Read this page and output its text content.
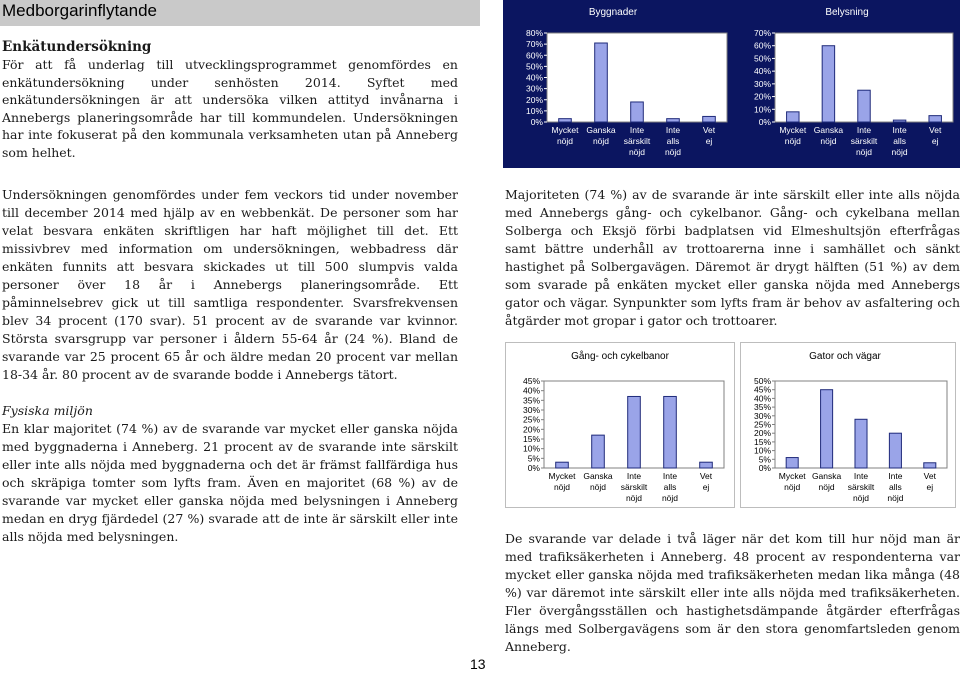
Medborgarinflytande

Enkätundersökning

För att få underlag till utvecklingsprogrammet genomfördes en enkätundersökning under senhösten 2014. Syftet med enkätundersökningen är att undersöka vilken attityd invånarna i Annebergs planeringsområde har till kommundelen. Undersökningen har inte fokuserat på den kommunala verksamheten utan på Anneberg som helhet.

Undersökningen genomfördes under fem veckors tid under november till december 2014 med hjälp av en webbenkät. De personer som har velat besvara enkäten skriftligen har haft möjlighet till det. Ett missivbrev med information om undersökningen, webbadress där enkäten funnits att besvara skickades ut till 500 slumpvis valda personer över 18 år i Annebergs planeringsområde. Ett påminnelsebrev gick ut till samtliga respondenter. Svarsfrekvensen blev 34 procent (170 svar). 51 procent av de svarande var kvinnor. Största svarsgrupp var personer i åldern 55-64 år (24 %). Bland de svarande var 25 procent 65 år och äldre medan 20 procent var mellan 18-34 år. 80 procent av de svarande bodde i Annebergs tätort.

Fysiska miljön

En klar majoritet (74 %) av de svarande var mycket eller ganska nöjda med byggnaderna i Anneberg. 21 procent av de svarande inte särskilt eller inte alls nöjda med byggnaderna och det är främst fallfärdiga hus och skräpiga tomter som lyfts fram. Även en majoritet (68 %) av de svarande var mycket eller ganska nöjda med belysningen i Anneberg medan en dryg fjärdedel (27 %) svarade att de inte är särskilt eller inte alls nöjda med belysningen.

Byggnader
0%
10%
20%
30%
40%
50%
60%
70%
80%
Mycket nöjd
Ganska nöjd
Inte särskilt nöjd
Inte alls nöjd
Vet ej
Belysning
0%
10%
20%
30%
40%
50%
60%
70%
Mycket nöjd
Ganska nöjd
Inte särskilt nöjd
Inte alls nöjd
Vet ej

Majoriteten (74 %) av de svarande är inte särskilt eller inte alls nöjda med Annebergs gång- och cykelbanor. Gång- och cykelbana mellan Solberga och Eksjö förbi badplatsen vid Elmeshultsjön efterfrågas samt bättre underhåll av trottoarerna inne i samhället och sänkt hastighet på Solbergavägen. Däremot är drygt hälften (51 %) av dem som svarade på enkäten mycket eller ganska nöjda med Annebergs gator och vägar. Synpunkter som lyfts fram är behov av asfaltering och åtgärder mot gropar i gator och trottoarer.

Gång- och cykelbanor
0%
5%
10%
15%
20%
25%
30%
35%
40%
45%
Mycket nöjd
Ganska nöjd
Inte särskilt nöjd
Inte alls nöjd
Vet ej
Gator och vägar
0%
5%
10%
15%
20%
25%
30%
35%
40%
45%
50%
Mycket nöjd
Ganska nöjd
Inte särskilt nöjd
Inte alls nöjd
Vet ej

De svarande var delade i två läger när det kom till hur nöjd man är med trafiksäkerheten i Anneberg. 48 procent av respondenterna var mycket eller ganska nöjda med trafiksäkerheten medan lika många (48 %) var däremot inte särskilt eller inte alls nöjda med trafiksäkerheten. Fler övergångsställen och hastighetsdämpande åtgärder efterfrågas längs med Solbergavägens som är den stora genomfartsleden genom Anneberg.

13
